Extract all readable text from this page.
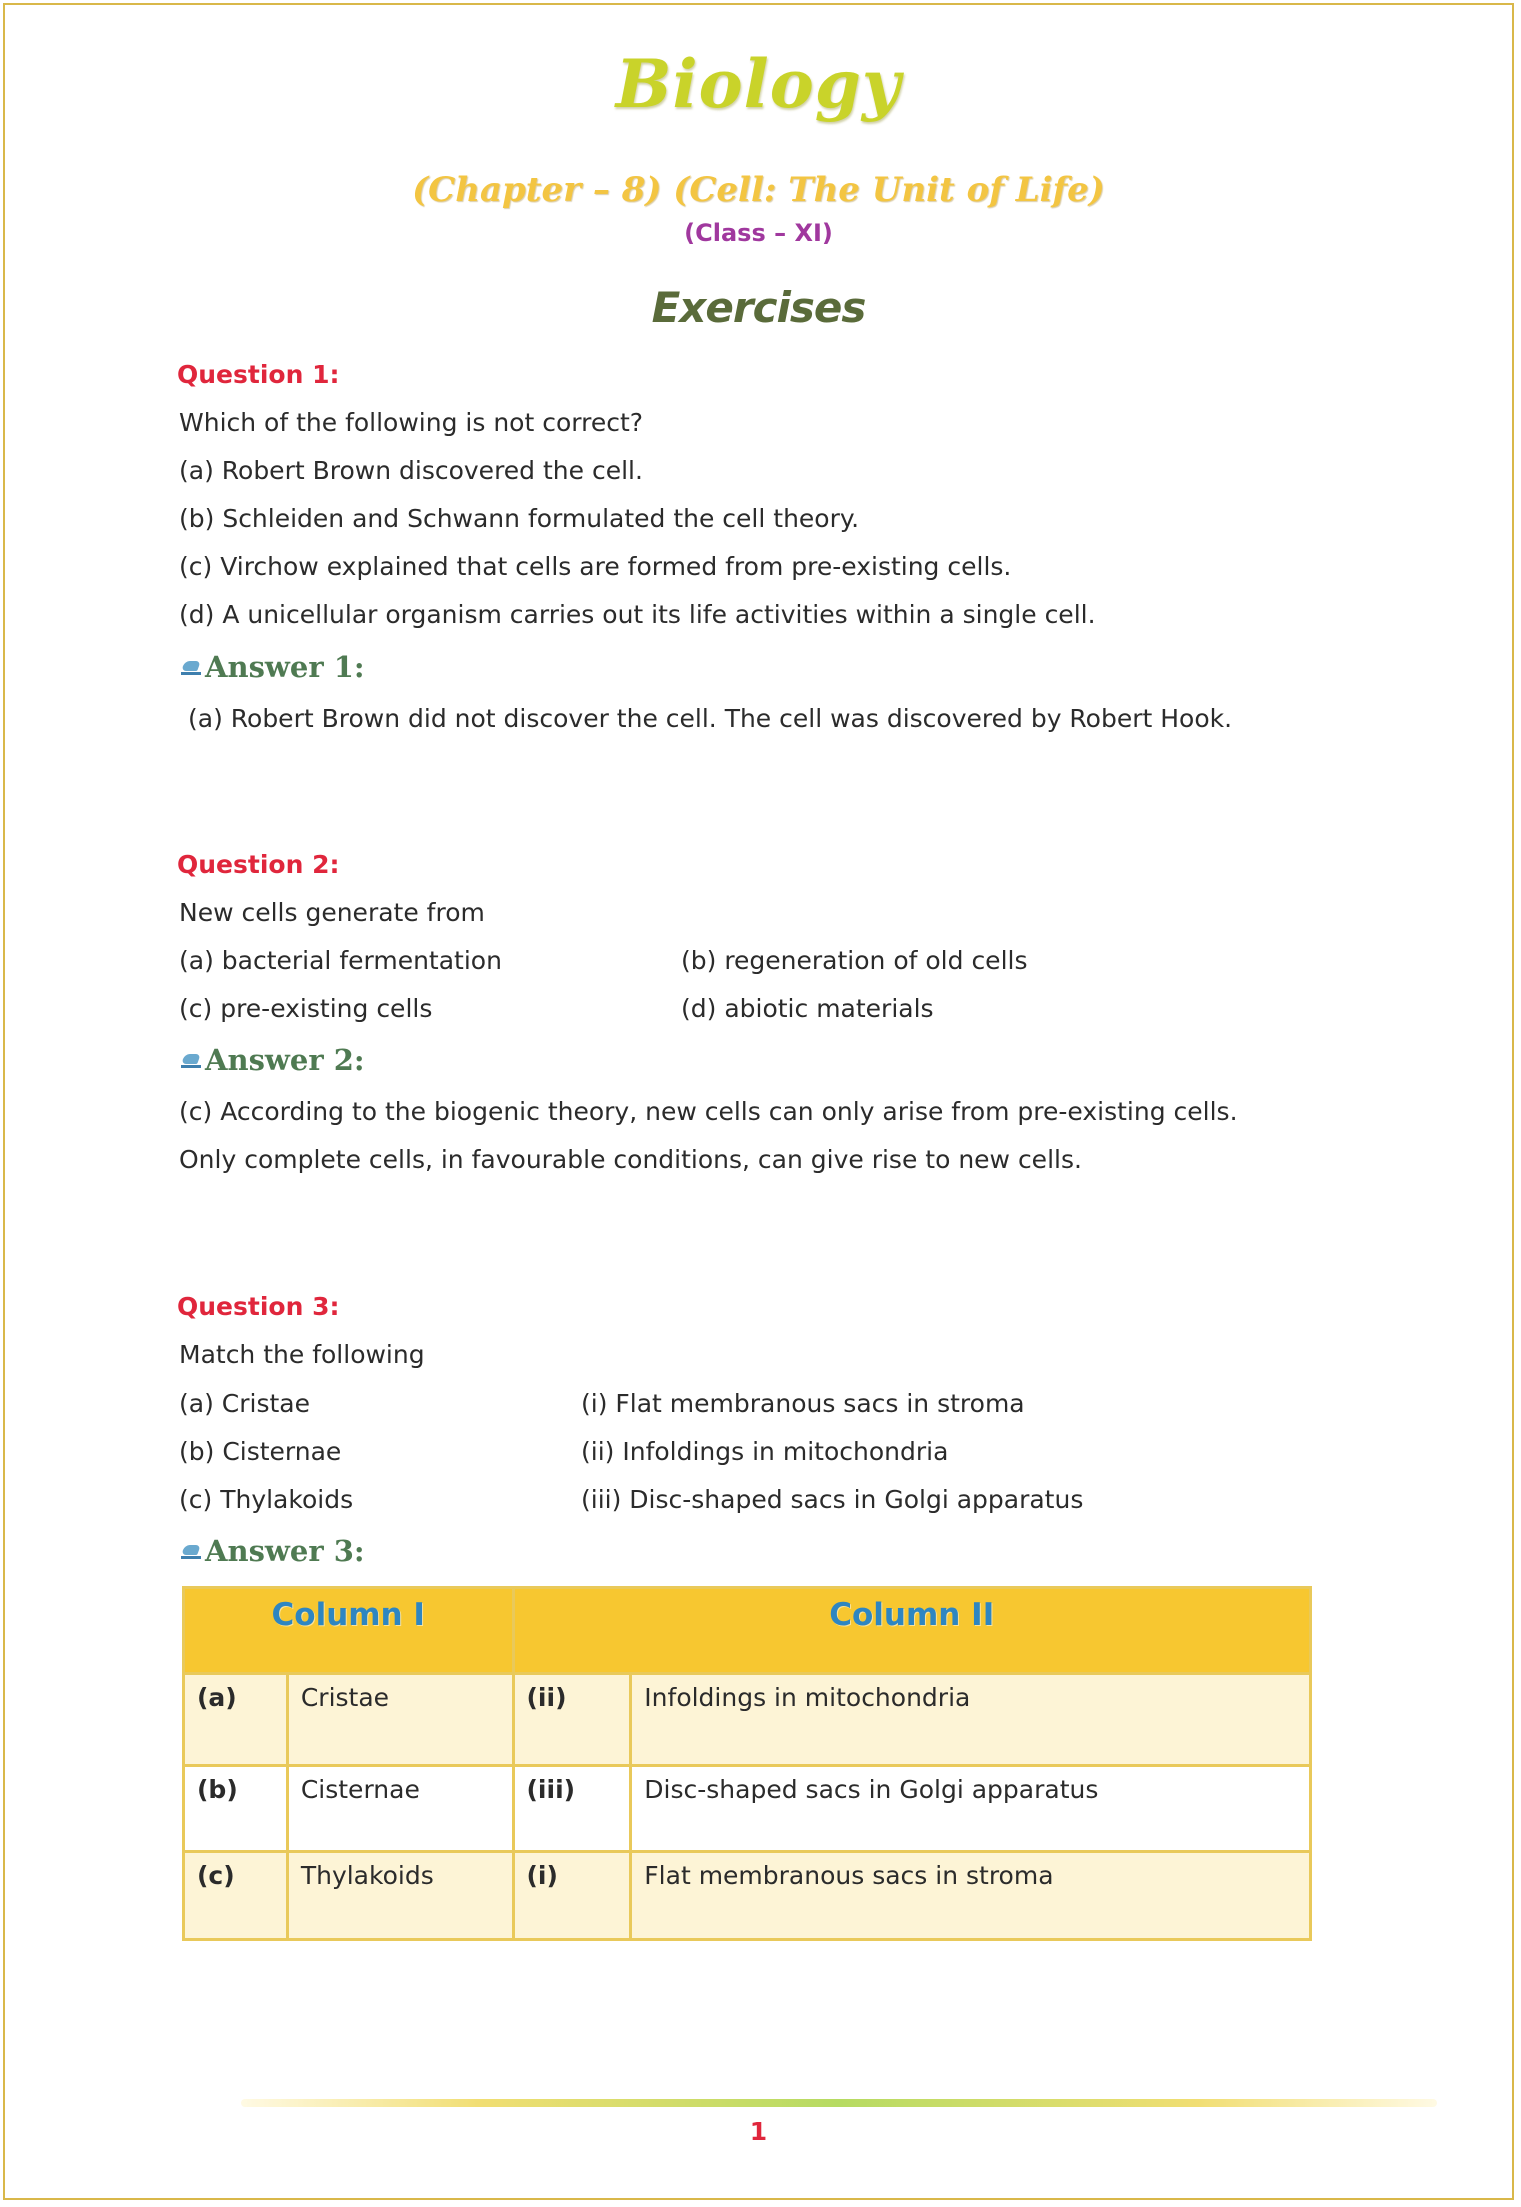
Biology
(Chapter – 8) (Cell: The Unit of Life)
(Class – XI)
Exercises
Question 1:
Which of the following is not correct?
(a) Robert Brown discovered the cell.
(b) Schleiden and Schwann formulated the cell theory.
(c) Virchow explained that cells are formed from pre-existing cells.
(d) A unicellular organism carries out its life activities within a single cell.
Answer 1:
(a) Robert Brown did not discover the cell. The cell was discovered by Robert Hook.
Question 2:
New cells generate from
(a) bacterial fermentation	(b) regeneration of old cells
(c) pre-existing cells	(d) abiotic materials
Answer 2:
(c) According to the biogenic theory, new cells can only arise from pre-existing cells.
Only complete cells, in favourable conditions, can give rise to new cells.
Question 3:
Match the following
(a) Cristae	(i) Flat membranous sacs in stroma
(b) Cisternae	(ii) Infoldings in mitochondria
(c) Thylakoids	(iii) Disc-shaped sacs in Golgi apparatus
Answer 3:
Column I		Column II	
(a)	Cristae	(ii)	Infoldings in mitochondria
(b)	Cisternae	(iii)	Disc-shaped sacs in Golgi apparatus
(c)	Thylakoids	(i)	Flat membranous sacs in stroma
1
